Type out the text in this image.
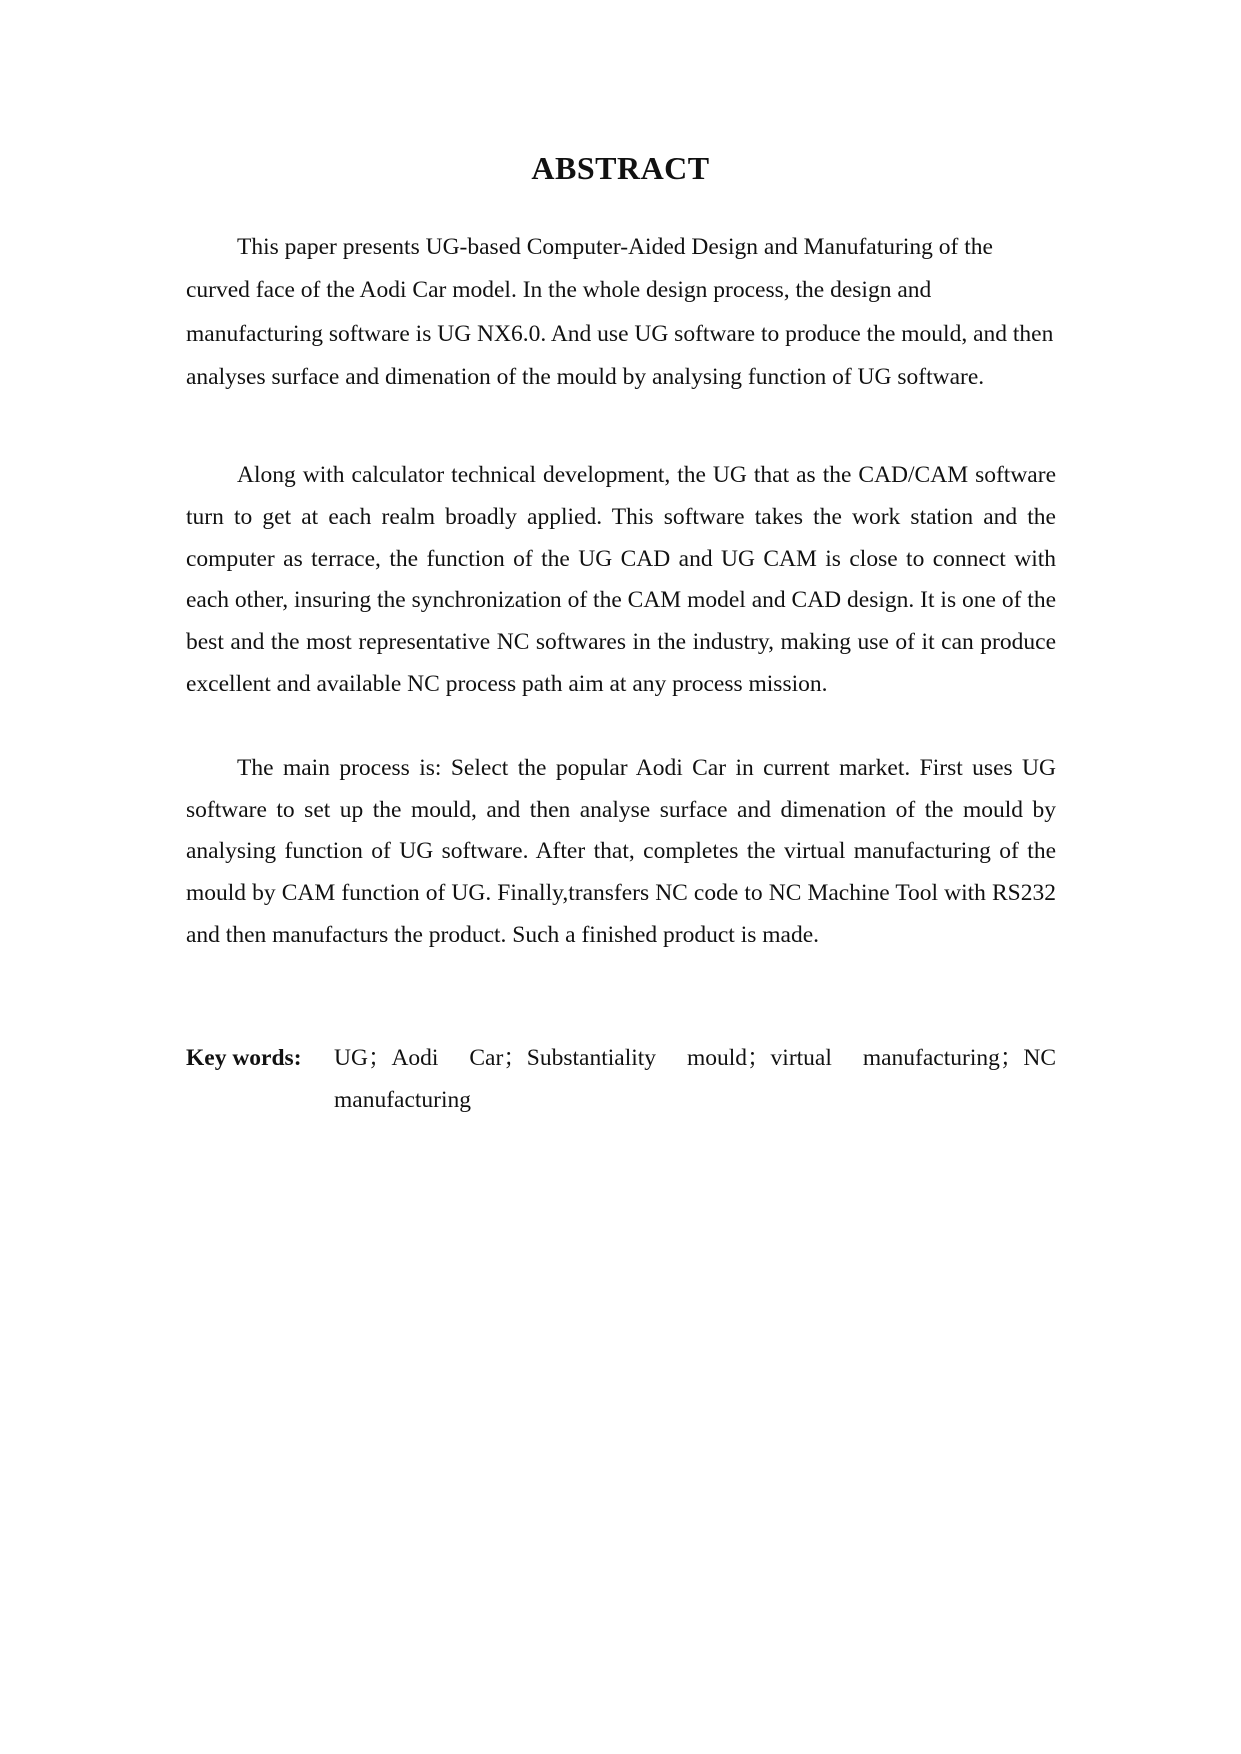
ABSTRACT

This paper presents UG-based Computer-Aided Design and Manufaturing of the curved face of the Aodi Car model. In the whole design process, the design and manufacturing software is UG NX6.0. And use UG software to produce the mould, and then analyses surface and dimenation of the mould by analysing function of UG software.

Along with calculator technical development, the UG that as the CAD/CAM software turn to get at each realm broadly applied. This software takes the work station and the computer as terrace, the function of the UG CAD and UG CAM is close to connect with each other, insuring the synchronization of the CAM model and CAD design. It is one of the best and the most representative NC softwares in the industry, making use of it can produce excellent and available NC process path aim at any process mission.

The main process is: Select the popular Aodi Car in current market. First uses UG software to set up the mould, and then analyse surface and dimenation of the mould by analysing function of UG software. After that, completes the virtual manufacturing of the mould by CAM function of UG. Finally,transfers NC code to NC Machine Tool with RS232 and then manufacturs the product. Such a finished product is made.

Key words: UG；Aodi Car；Substantiality mould；virtual manufacturing；NC manufacturing
